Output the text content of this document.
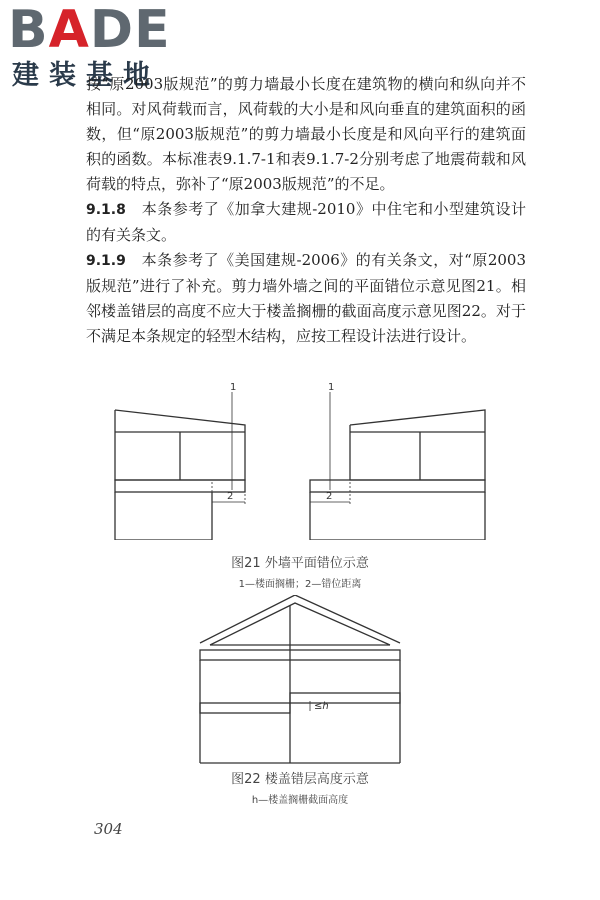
BADE
建装基地

按“原2003版规范”的剪力墙最小长度在建筑物的横向和纵向并不相同。对风荷载而言，风荷载的大小是和风向垂直的建筑面积的函数，但“原2003版规范”的剪力墙最小长度是和风向平行的建筑面积的函数。本标准表9.1.7-1和表9.1.7-2分别考虑了地震荷载和风荷载的特点，弥补了“原2003版规范”的不足。

9.1.8 本条参考了《加拿大建规-2010》中住宅和小型建筑设计的有关条文。

9.1.9 本条参考了《美国建规-2006》的有关条文，对“原2003版规范”进行了补充。剪力墙外墙之间的平面错位示意见图21。相邻楼盖错层的高度不应大于楼盖搁栅的截面高度示意见图22。对于不满足本条规定的轻型木结构，应按工程设计法进行设计。

1
2
1
2
图21 外墙平面错位示意
1—楼面搁栅；2—错位距离
≤h
图22 楼盖错层高度示意
h—楼盖搁栅截面高度
304
